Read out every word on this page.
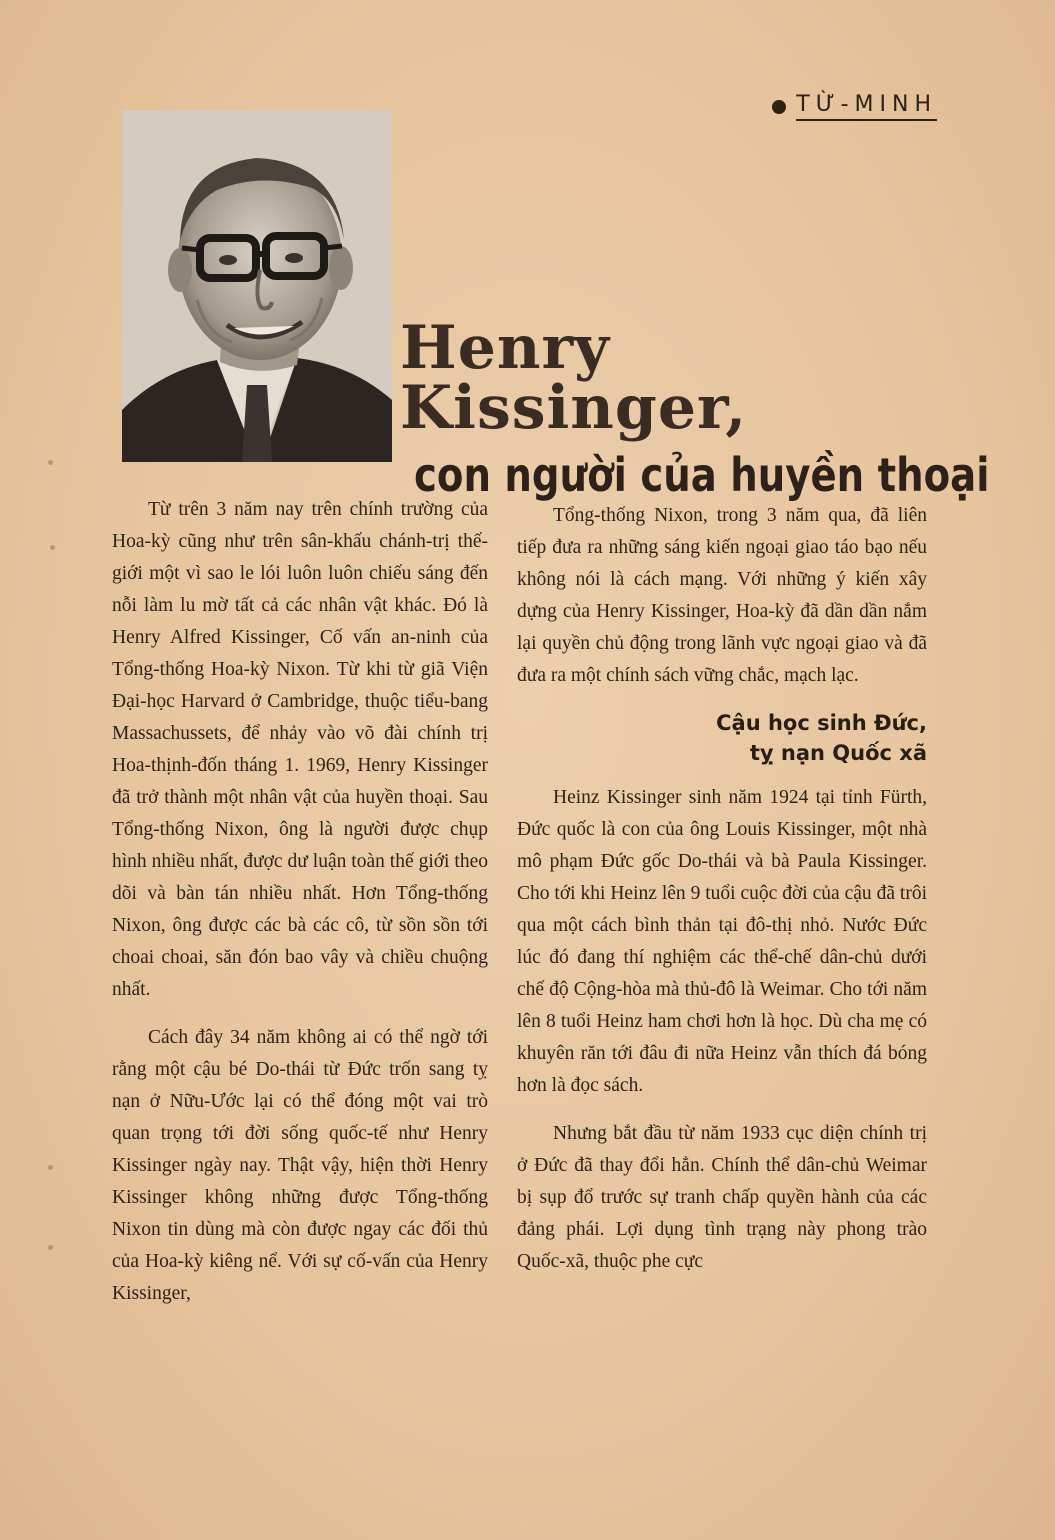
TỪ-MINH
Henry Kissinger,
con người của huyền thoại

Từ trên 3 năm nay trên chính trường của Hoa-kỳ cũng như trên sân-khấu chánh-trị thế-giới một vì sao le lói luôn luôn chiếu sáng đến nỗi làm lu mờ tất cả các nhân vật khác. Đó là Henry Alfred Kissinger, Cố vấn an-ninh của Tổng-thống Hoa-kỳ Nixon. Từ khi từ giã Viện Đại-học Harvard ở Cambridge, thuộc tiểu-bang Massachussets, để nhảy vào võ đài chính trị Hoa-thịnh-đốn tháng 1. 1969, Henry Kissinger đã trở thành một nhân vật của huyền thoại. Sau Tổng-thống Nixon, ông là người được chụp hình nhiều nhất, được dư luận toàn thế giới theo dõi và bàn tán nhiều nhất. Hơn Tổng-thống Nixon, ông được các bà các cô, từ sồn sồn tới choai choai, săn đón bao vây và chiều chuộng nhất.

Cách đây 34 năm không ai có thể ngờ tới rằng một cậu bé Do-thái từ Đức trốn sang tỵ nạn ở Nữu-Ước lại có thể đóng một vai trò quan trọng tới đời sống quốc-tế như Henry Kissinger ngày nay. Thật vậy, hiện thời Henry Kissinger không những được Tổng-thống Nixon tin dùng mà còn được ngay các đối thủ của Hoa-kỳ kiêng nể. Với sự cố-vấn của Henry Kissinger,

Tổng-thống Nixon, trong 3 năm qua, đã liên tiếp đưa ra những sáng kiến ngoại giao táo bạo nếu không nói là cách mạng. Với những ý kiến xây dựng của Henry Kissinger, Hoa-kỳ đã dần dần nắm lại quyền chủ động trong lãnh vực ngoại giao và đã đưa ra một chính sách vững chắc, mạch lạc.

Cậu học sinh Đức,
tỵ nạn Quốc xã

Heinz Kissinger sinh năm 1924 tại tỉnh Fürth, Đức quốc là con của ông Louis Kissinger, một nhà mô phạm Đức gốc Do-thái và bà Paula Kissinger. Cho tới khi Heinz lên 9 tuổi cuộc đời của cậu đã trôi qua một cách bình thản tại đô-thị nhỏ. Nước Đức lúc đó đang thí nghiệm các thể-chế dân-chủ dưới chế độ Cộng-hòa mà thủ-đô là Weimar. Cho tới năm lên 8 tuổi Heinz ham chơi hơn là học. Dù cha mẹ có khuyên răn tới đâu đi nữa Heinz vẫn thích đá bóng hơn là đọc sách.

Nhưng bắt đầu từ năm 1933 cục diện chính trị ở Đức đã thay đổi hẳn. Chính thể dân-chủ Weimar bị sụp đổ trước sự tranh chấp quyền hành của các đảng phái. Lợi dụng tình trạng này phong trào Quốc-xã, thuộc phe cực
